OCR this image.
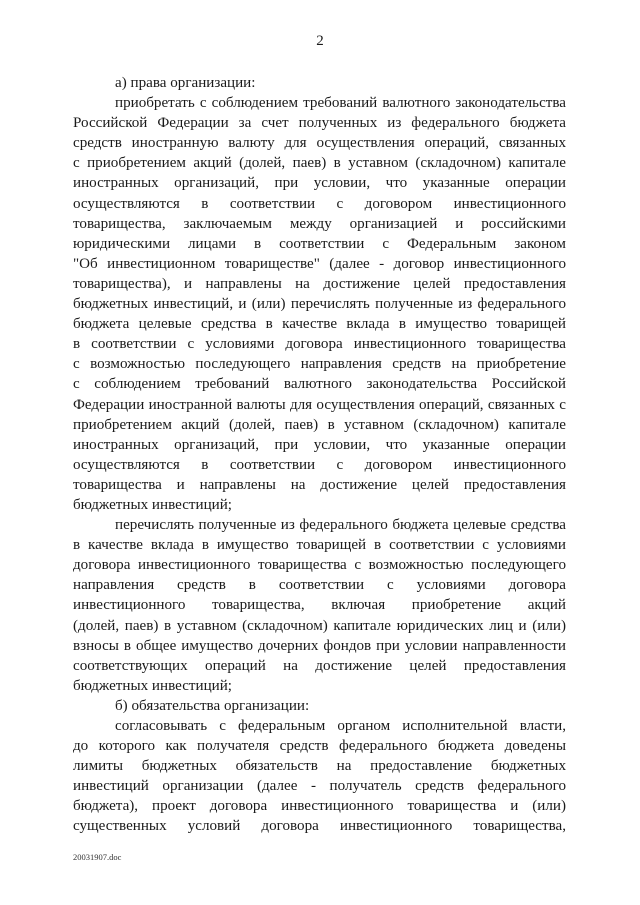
2
а) права организации:
приобретать с соблюдением требований валютного законодательства
Российской Федерации за счет полученных из федерального бюджета
средств иностранную валюту для осуществления операций, связанных
с приобретением акций (долей, паев) в уставном (складочном) капитале
иностранных организаций, при условии, что указанные операции
осуществляются в соответствии с договором инвестиционного
товарищества, заключаемым между организацией и российскими
юридическими лицами в соответствии с Федеральным законом
"Об инвестиционном товариществе" (далее - договор инвестиционного
товарищества), и направлены на достижение целей предоставления
бюджетных инвестиций, и (или) перечислять полученные из федерального
бюджета целевые средства в качестве вклада в имущество товарищей
в соответствии с условиями договора инвестиционного товарищества
с возможностью последующего направления средств на приобретение
с соблюдением требований валютного законодательства Российской
Федерации иностранной валюты для осуществления операций, связанных с
приобретением акций (долей, паев) в уставном (складочном) капитале
иностранных организаций, при условии, что указанные операции
осуществляются в соответствии с договором инвестиционного
товарищества и направлены на достижение целей предоставления
бюджетных инвестиций;
перечислять полученные из федерального бюджета целевые средства
в качестве вклада в имущество товарищей в соответствии с условиями
договора инвестиционного товарищества с возможностью последующего
направления средств в соответствии с условиями договора
инвестиционного товарищества, включая приобретение акций
(долей, паев) в уставном (складочном) капитале юридических лиц и (или)
взносы в общее имущество дочерних фондов при условии направленности
соответствующих операций на достижение целей предоставления
бюджетных инвестиций;
б) обязательства организации:
согласовывать с федеральным органом исполнительной власти,
до которого как получателя средств федерального бюджета доведены
лимиты бюджетных обязательств на предоставление бюджетных
инвестиций организации (далее - получатель средств федерального
бюджета), проект договора инвестиционного товарищества и (или)
существенных условий договора инвестиционного товарищества,
20031907.doc
